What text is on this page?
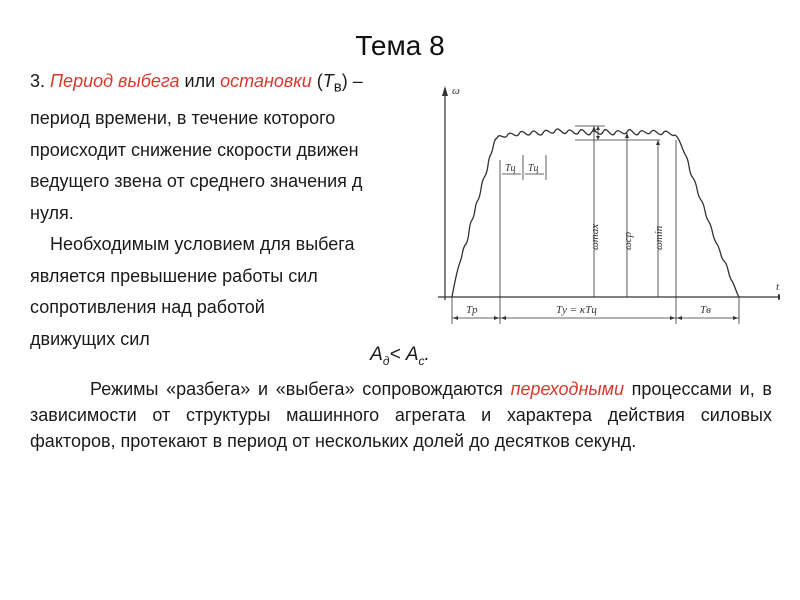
Тема 8
3. Период выбега или остановки $(T_в)$ –
период времени, в течение которого
происходит снижение скорости движен
ведущего звена от среднего значения д
нуля.
Необходимым условием для выбега
является превышение работы сил
сопротивления над работой
движущих сил
ω
t
ωmax ωср ωmin
Tц Tц
Tр	Tу = κTц	Tв
$A_д< A_с$.
Режимы «разбега» и «выбега» сопровождаются переходными процессами и, в зависимости от структуры машинного агрегата и характера действия силовых факторов, протекают в период от нескольких долей до десятков секунд.
